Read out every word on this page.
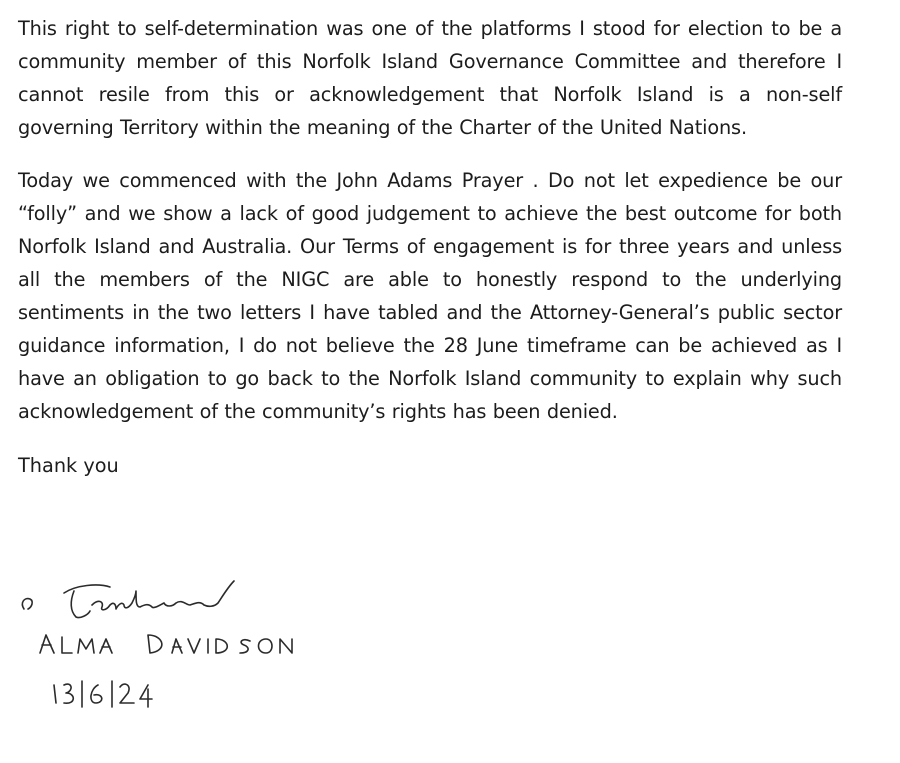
This right to self-determination was one of the platforms I stood for election to be a community member of this Norfolk Island Governance Committee and therefore I cannot resile from this or acknowledgement that Norfolk Island is a non-self governing Territory within the meaning of the Charter of the United Nations.

Today we commenced with the John Adams Prayer . Do not let expedience be our “folly” and we show a lack of good judgement to achieve the best outcome for both Norfolk Island and Australia. Our Terms of engagement is for three years and unless all the members of the NIGC are able to honestly respond to the underlying sentiments in the two letters I have tabled and the Attorney-General’s public sector guidance information, I do not believe the 28 June timeframe can be achieved as I have an obligation to go back to the Norfolk Island community to explain why such acknowledgement of the community’s rights has been denied.

Thank you
